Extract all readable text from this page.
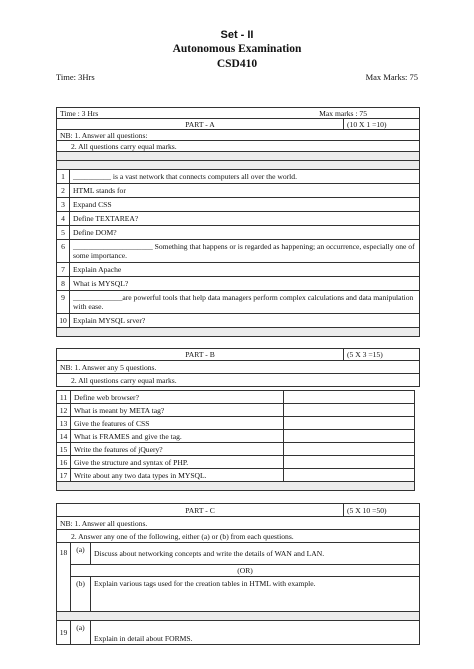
Set - II
Autonomous Examination
CSD410
Time: 3Hrs	Max Marks: 75
Time : 3 Hrs Max marks : 75		

PART - A		(10 X 1 =10)
NB: 1. Answer all questions:		
2. All questions carry equal marks.		

1	__________ is a vast network that connects computers all over the world.	
2	HTML stands for	
3	Expand CSS	
4	Define TEXTAREA?	
5	Define DOM?	
6	_____________________ Something that happens or is regarded as happening; an occurrence, especially one of some importance.	
7	Explain Apache	
8	What is MYSQL?	
9	_____________are powerful tools that help data managers perform complex calculations and data manipulation with ease.	
10	Explain MYSQL srver?	

PART - B	(5 X 3 =15)
NB: 1. Answer any 5 questions.
2. All questions carry equal marks.
11	Define web browser?	
12	What is meant by META tag?	
13	Give the features of CSS	
14	What is FRAMES and give the tag.	
15	Write the features of jQuery?	
16	Give the structure and syntax of PHP.	
17	Write about any two data types in MYSQL.	

PART - C	(5 X 10 =50)
NB: 1. Answer all questions.
2. Answer any one of the following, either (a) or (b) from each questions.
18	(a)	Discuss about networking concepts and write the details of WAN and LAN.
	(OR)	
	(b)	Explain various tags used for the creation tables in HTML with example.

19	(a)	Explain in detail about FORMS.
